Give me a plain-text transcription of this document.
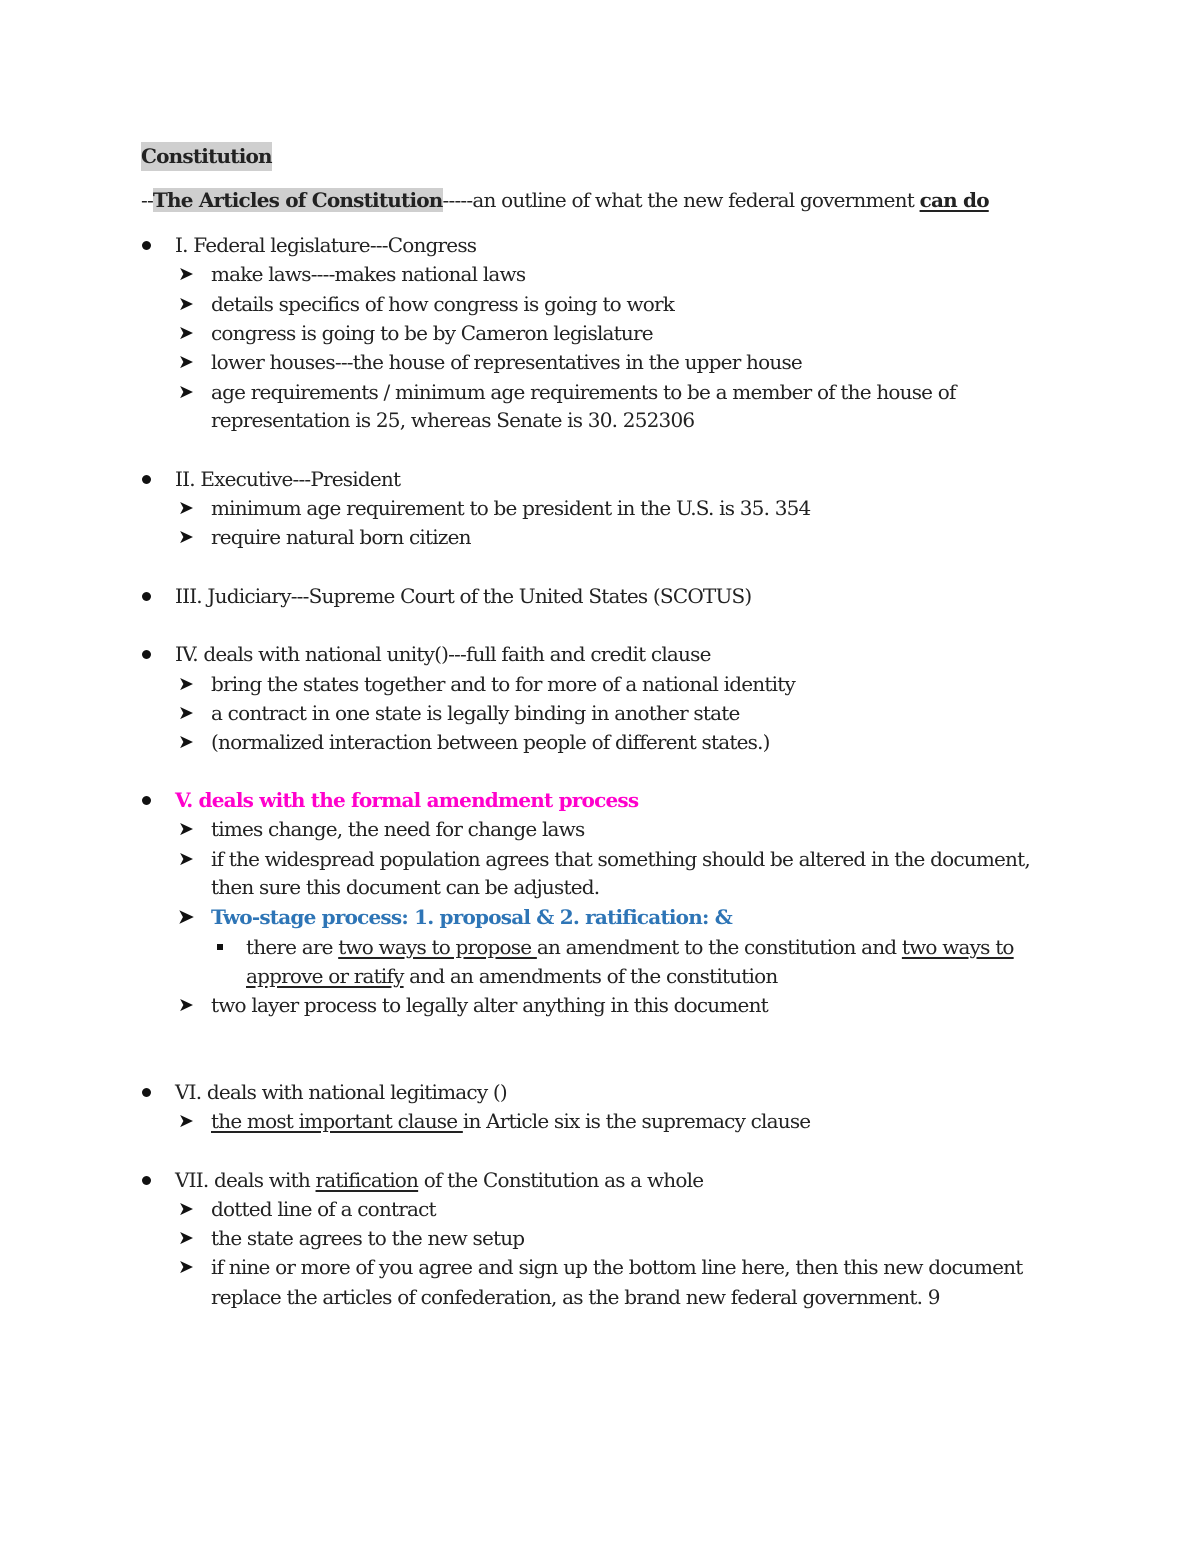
Constitution
--The Articles of Constitution-----an outline of what the new federal government can do
I. Federal legislature---Congress
➤ make laws----makes national laws
➤ details specifics of how congress is going to work
➤ congress is going to be by Cameron legislature
➤ lower houses---the house of representatives in the upper house
➤ age requirements / minimum age requirements to be a member of the house of
representation is 25, whereas Senate is 30. 252306
II. Executive---President
➤ minimum age requirement to be president in the U.S. is 35. 354
➤ require natural born citizen
III. Judiciary---Supreme Court of the United States (SCOTUS)
IV. deals with national unity()---full faith and credit clause
➤ bring the states together and to for more of a national identity
➤ a contract in one state is legally binding in another state
➤ (normalized interaction between people of different states.)
V. deals with the formal amendment process
➤ times change, the need for change laws
➤ if the widespread population agrees that something should be altered in the document,
then sure this document can be adjusted.
➤ Two-stage process: 1. proposal & 2. ratification: &
there are two ways to propose an amendment to the constitution and two ways to
approve or ratify and an amendments of the constitution
➤ two layer process to legally alter anything in this document
VI. deals with national legitimacy ()
➤ the most important clause in Article six is the supremacy clause
VII. deals with ratification of the Constitution as a whole
➤ dotted line of a contract
➤ the state agrees to the new setup
➤ if nine or more of you agree and sign up the bottom line here, then this new document
replace the articles of confederation, as the brand new federal government. 9
